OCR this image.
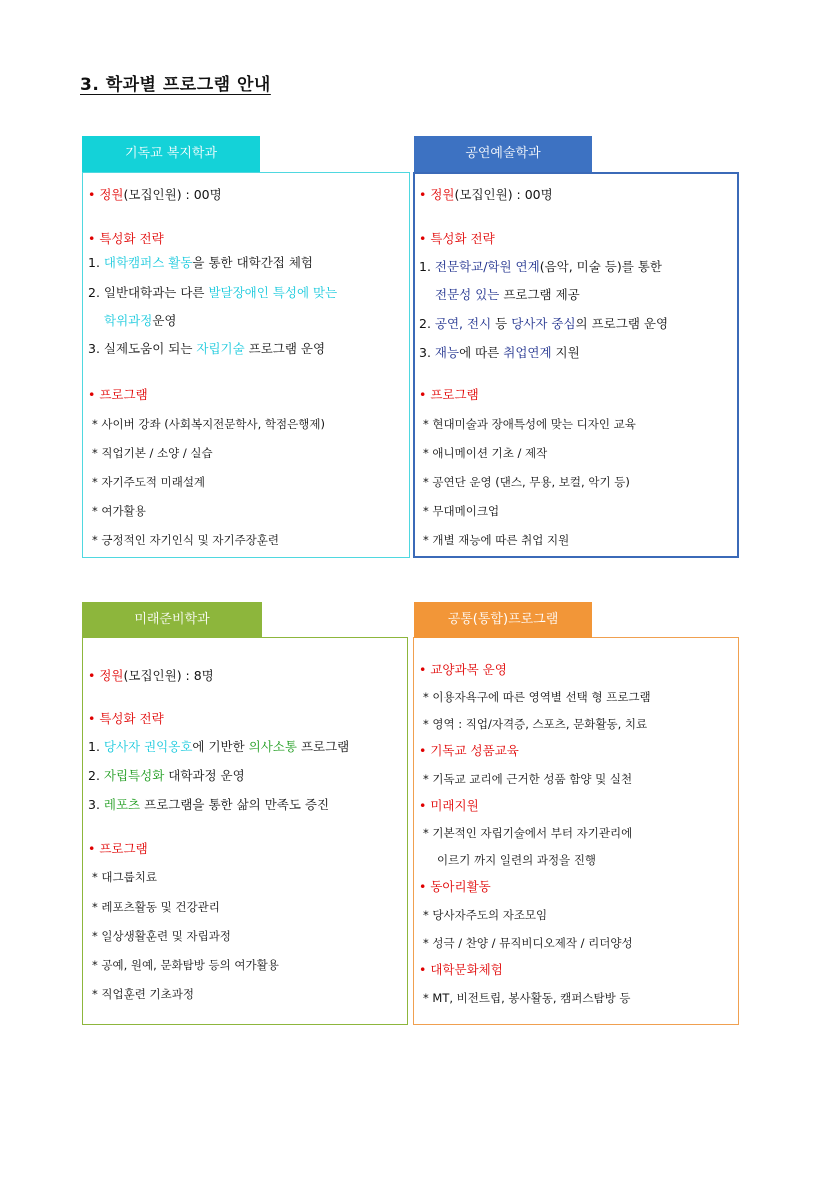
3. 학과별 프로그램 안내
기독교 복지학과
• 정원(모집인원) : 00명
• 특성화 전략
1. 대학캠퍼스 활동을 통한 대학간접 체험
2. 일반대학과는 다른 발달장애인 특성에 맞는
학위과정운영
3. 실제도움이 되는 자립기술 프로그램 운영
• 프로그램
* 사이버 강좌 (사회복지전문학사, 학점은행제)
* 직업기본 / 소양 / 실습
* 자기주도적 미래설계
* 여가활용
* 긍정적인 자기인식 및 자기주장훈련
공연예술학과
• 정원(모집인원) : 00명
• 특성화 전략
1. 전문학교/학원 연계(음악, 미술 등)를 통한
전문성 있는 프로그램 제공
2. 공연, 전시 등 당사자 중심의 프로그램 운영
3. 재능에 따른 취업연계 지원
• 프로그램
* 현대미술과 장애특성에 맞는 디자인 교육
* 애니메이션 기초 / 제작
* 공연단 운영 (댄스, 무용, 보컬, 악기 등)
* 무대메이크업
* 개별 재능에 따른 취업 지원
미래준비학과
• 정원(모집인원) : 8명
• 특성화 전략
1. 당사자 권익옹호에 기반한 의사소통 프로그램
2. 자립특성화 대학과정 운영
3. 레포츠 프로그램을 통한 삶의 만족도 증진
• 프로그램
* 대그룹치료
* 레포츠활동 및 건강관리
* 일상생활훈련 및 자립과정
* 공예, 원예, 문화탐방 등의 여가활용
* 직업훈련 기초과정
공통(통합)프로그램
• 교양과목 운영
* 이용자욕구에 따른 영역별 선택 형 프로그램
* 영역 : 직업/자격증, 스포츠, 문화활동, 치료
• 기독교 성품교육
* 기독교 교리에 근거한 성품 함양 및 실천
• 미래지원
* 기본적인 자립기술에서 부터 자기관리에
이르기 까지 일련의 과정을 진행
• 동아리활동
* 당사자주도의 자조모임
* 성극 / 찬양 / 뮤직비디오제작 / 리더양성
• 대학문화체험
* MT, 비전트립, 봉사활동, 캠퍼스탐방 등
